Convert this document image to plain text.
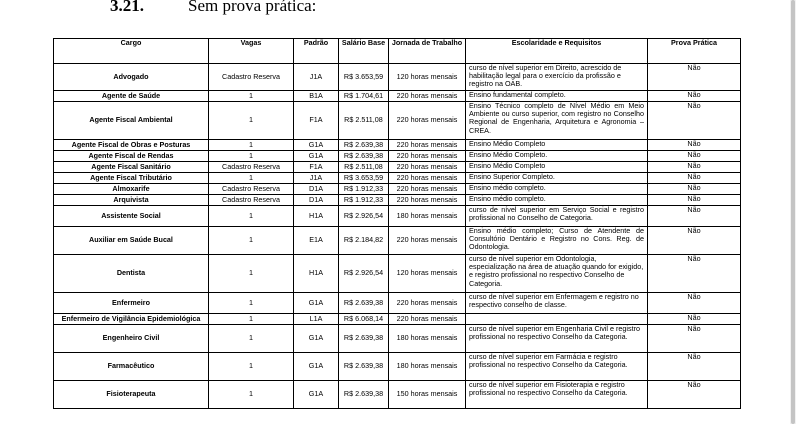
3.21.	Sem prova prática:
Cargo	Vagas	Padrão	Salário Base	Jornada de Trabalho	Escolaridade e Requisitos	Prova Prática
Advogado	Cadastro Reserva	J1A	R$ 3.653,59	120 horas mensais	curso de nível superior em Direito, acrescido de habilitação legal para o exercício da profissão e registro na OAB.	Não
Agente de Saúde	1	B1A	R$ 1.704,61	220 horas mensais	Ensino fundamental completo.	Não
Agente Fiscal Ambiental	1	F1A	R$ 2.511,08	220 horas mensais	Ensino Técnico completo de Nível Médio em Meio Ambiente ou curso superior, com registro no Conselho Regional de Engenharia, Arquitetura e Agronomia – CREA.	Não
Agente Fiscal de Obras e Posturas	1	G1A	R$ 2.639,38	220 horas mensais	Ensino Médio Completo	Não
Agente Fiscal de Rendas	1	G1A	R$ 2.639,38	220 horas mensais	Ensino Médio Completo.	Não
Agente Fiscal Sanitário	Cadastro Reserva	F1A	R$ 2.511,08	220 horas mensais	Ensino Médio Completo	Não
Agente Fiscal Tributário	1	J1A	R$ 3.653,59	220 horas mensais	Ensino Superior Completo.	Não
Almoxarife	Cadastro Reserva	D1A	R$ 1.912,33	220 horas mensais	Ensino médio completo.	Não
Arquivista	Cadastro Reserva	D1A	R$ 1.912,33	220 horas mensais	Ensino médio completo.	Não
Assistente Social	1	H1A	R$ 2.926,54	180 horas mensais	curso de nível superior em Serviço Social e registro profissional no Conselho de Categoria.	Não
Auxiliar em Saúde Bucal	1	E1A	R$ 2.184,82	220 horas mensais	Ensino médio completo; Curso de Atendente de Consultório Dentário e Registro no Cons. Reg. de Odontologia.	Não
Dentista	1	H1A	R$ 2.926,54	120 horas mensais	curso de nível superior em Odontologia, especialização na área de atuação quando for exigido, e registro profissional no respectivo Conselho de Categoria.	Não
Enfermeiro	1	G1A	R$ 2.639,38	220 horas mensais	curso de nível superior em Enfermagem e registro no respectivo conselho de classe.	Não
Enfermeiro de Vigilância Epidemiológica	1	L1A	R$ 6.068,14	220 horas mensais		Não
Engenheiro Civil	1	G1A	R$ 2.639,38	180 horas mensais	curso de nível superior em Engenharia Civil e registro profissional no respectivo Conselho da Categoria.	Não
Farmacêutico	1	G1A	R$ 2.639,38	180 horas mensais	curso de nível superior em Farmácia e registro profissional no respectivo Conselho da Categoria.	Não
Fisioterapeuta	1	G1A	R$ 2.639,38	150 horas mensais	curso de nível superior em Fisioterapia e registro profissional no respectivo Conselho da Categoria.	Não
